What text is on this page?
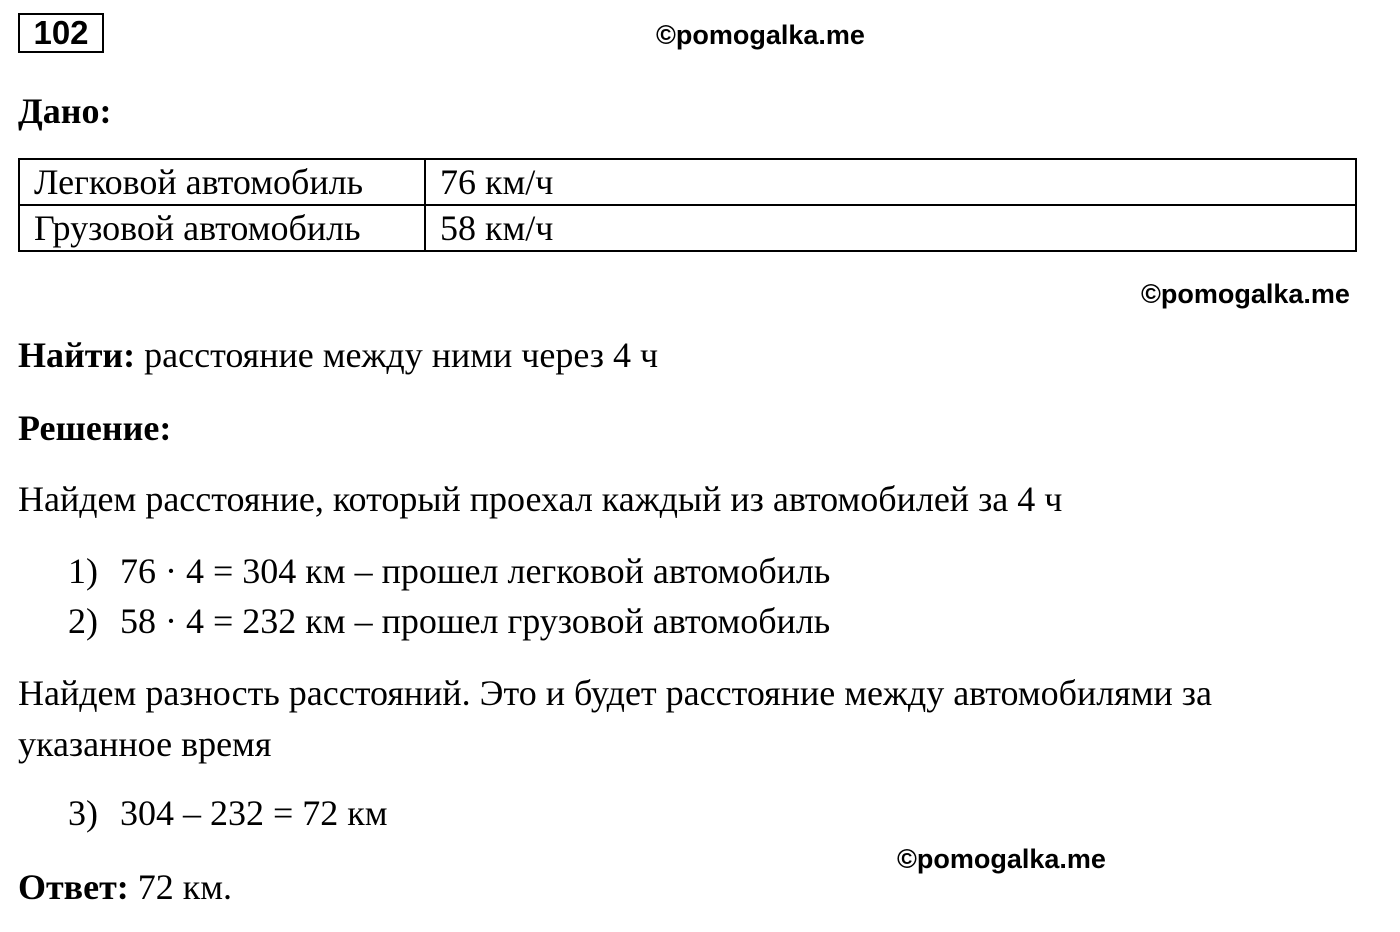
102	©pomogalka.me
©pomogalka.me
©pomogalka.me
Дано:
Легковой автомобиль	76 км/ч
Грузовой автомобиль	58 км/ч
Найти: расстояние между ними через 4 ч
Решение:
Найдем расстояние, который проехал каждый из автомобилей за 4 ч
1) 76 · 4 = 304 км – прошел легковой автомобиль
2) 58 · 4 = 232 км – прошел грузовой автомобиль
Найдем разность расстояний. Это и будет расстояние между автомобилями за
указанное время
3) 304 – 232 = 72 км
Ответ: 72 км.
